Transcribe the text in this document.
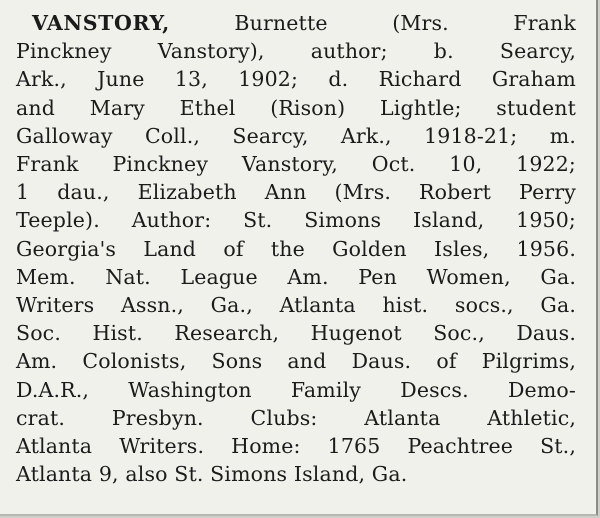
VANSTORY,	Burnette (Mrs. Frank
Pinckney Vanstory), author; b. Searcy,
Ark., June 13, 1902; d. Richard Graham
and Mary Ethel (Rison) Lightle; student
Galloway Coll., Searcy, Ark., 1918-21; m.
Frank Pinckney Vanstory, Oct. 10, 1922;
1 dau., Elizabeth Ann (Mrs. Robert Perry
Teeple). Author: St. Simons Island, 1950;
Georgia's Land of the Golden Isles, 1956.
Mem. Nat. League Am. Pen Women, Ga.
Writers Assn., Ga., Atlanta hist. socs., Ga.
Soc. Hist. Research, Hugenot Soc., Daus.
Am. Colonists, Sons and Daus. of Pilgrims,
D.A.R., Washington Family Descs. Demo-
crat. Presbyn. Clubs: Atlanta Athletic,
Atlanta Writers. Home: 1765 Peachtree St.,
Atlanta 9, also St. Simons Island, Ga.
